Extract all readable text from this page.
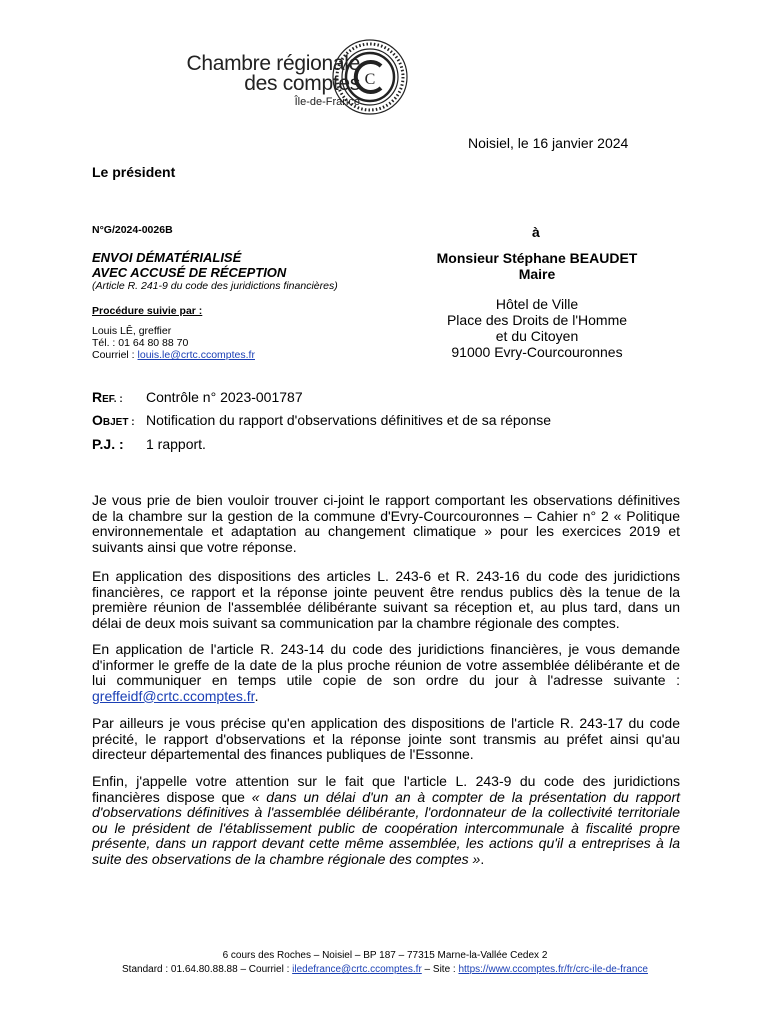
Chambre régionale
des comptes
Île-de-France
C
Noisiel, le 16 janvier 2024
Le président
N°G/2024-0026B	à
ENVOI DÉMATÉRIALISÉ
AVEC ACCUSÉ DE RÉCEPTION
(Article R. 241-9 du code des juridictions financières)
Procédure suivie par :
Louis LÊ, greffier
Tél. : 01 64 80 88 70
Courriel : louis.le@crtc.ccomptes.fr
Monsieur Stéphane BEAUDET
Maire
Hôtel de Ville
Place des Droits de l'Homme
et du Citoyen
91000 Evry-Courcouronnes
REF. : Contrôle n° 2023-001787
OBJET : Notification du rapport d'observations définitives et de sa réponse
P.J. : 1 rapport.
Je vous prie de bien vouloir trouver ci-joint le rapport comportant les observations définitives de la chambre sur la gestion de la commune d'Evry-Courcouronnes – Cahier n° 2 « Politique environnementale et adaptation au changement climatique » pour les exercices 2019 et suivants ainsi que votre réponse.
En application des dispositions des articles L. 243-6 et R. 243-16 du code des juridictions financières, ce rapport et la réponse jointe peuvent être rendus publics dès la tenue de la première réunion de l'assemblée délibérante suivant sa réception et, au plus tard, dans un délai de deux mois suivant sa communication par la chambre régionale des comptes.
En application de l'article R. 243-14 du code des juridictions financières, je vous demande d'informer le greffe de la date de la plus proche réunion de votre assemblée délibérante et de lui communiquer en temps utile copie de son ordre du jour à l'adresse suivante : greffeidf@crtc.ccomptes.fr.
Par ailleurs je vous précise qu'en application des dispositions de l'article R. 243-17 du code précité, le rapport d'observations et la réponse jointe sont transmis au préfet ainsi qu'au directeur départemental des finances publiques de l'Essonne.
Enfin, j'appelle votre attention sur le fait que l'article L. 243-9 du code des juridictions financières dispose que « dans un délai d'un an à compter de la présentation du rapport d'observations définitives à l'assemblée délibérante, l'ordonnateur de la collectivité territoriale ou le président de l'établissement public de coopération intercommunale à fiscalité propre présente, dans un rapport devant cette même assemblée, les actions qu'il a entreprises à la suite des observations de la chambre régionale des comptes ».
6 cours des Roches – Noisiel – BP 187 – 77315 Marne-la-Vallée Cedex 2
Standard : 01.64.80.88.88 – Courriel : iledefrance@crtc.ccomptes.fr – Site : https://www.ccomptes.fr/fr/crc-ile-de-france
